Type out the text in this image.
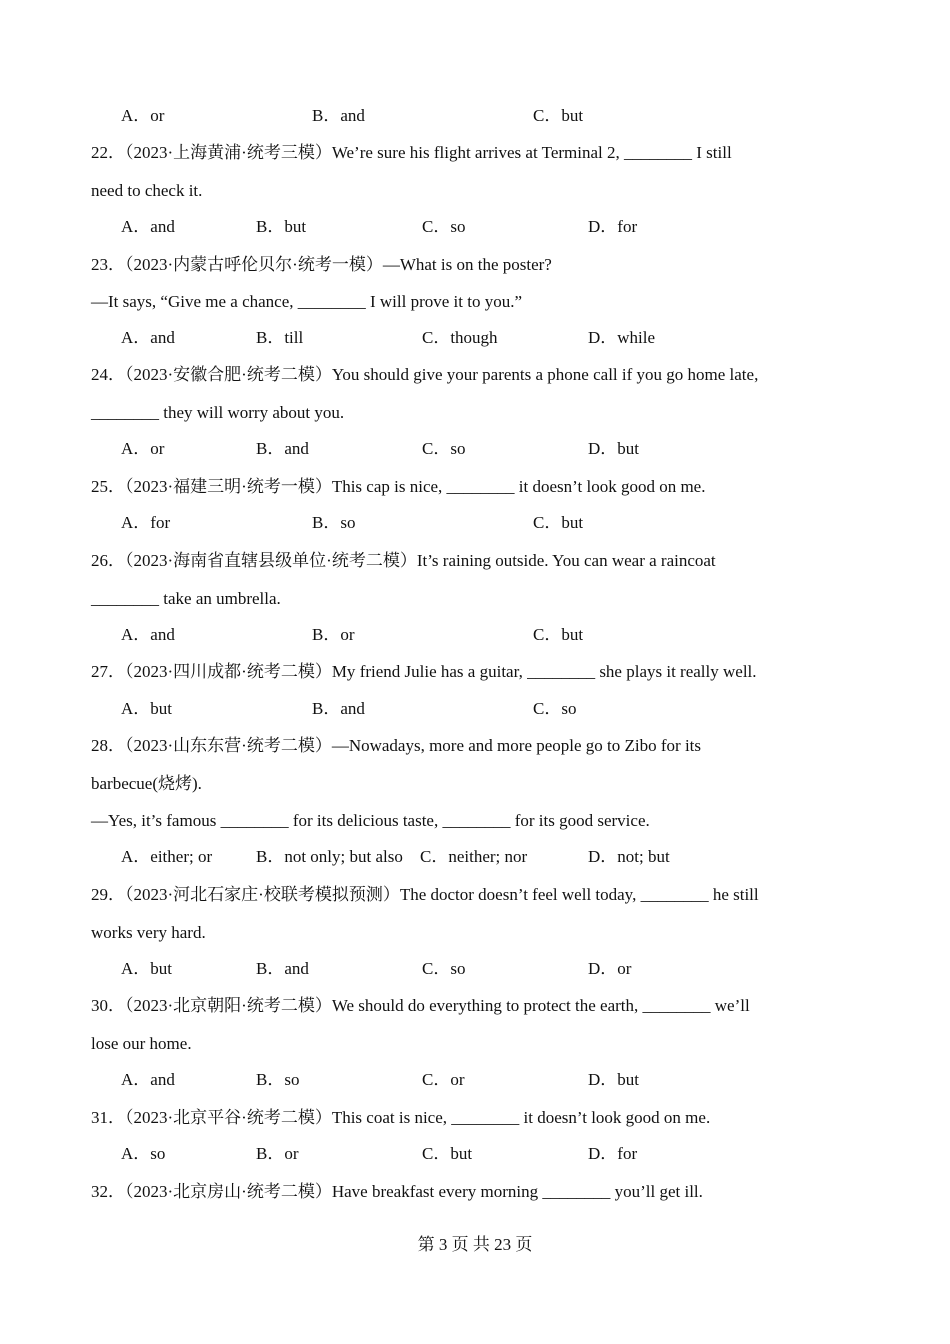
A．or	B．and	C．but
22．（2023·上海黄浦·统考三模）We’re sure his flight arrives at Terminal 2, ________ I still
need to check it.
A．and	B．but	C．so	D．for
23．（2023·内蒙古呼伦贝尔·统考一模）—What is on the poster?
—It says, “Give me a chance, ________ I will prove it to you.”
A．and	B．till	C．though	D．while
24．（2023·安徽合肥·统考二模）You should give your parents a phone call if you go home late,
________ they will worry about you.
A．or	B．and	C．so	D．but
25．（2023·福建三明·统考一模）This cap is nice, ________ it doesn’t look good on me.
A．for	B．so	C．but
26．（2023·海南省直辖县级单位·统考二模）It’s raining outside. You can wear a raincoat
________ take an umbrella.
A．and	B．or	C．but
27．（2023·四川成都·统考二模）My friend Julie has a guitar, ________ she plays it really well.
A．but	B．and	C．so
28．（2023·山东东营·统考二模）—Nowadays, more and more people go to Zibo for its
barbecue(烧烤).
—Yes, it’s famous ________ for its delicious taste, ________ for its good service.
A．either; or	B．not only; but also C．neither; nor	D．not; but
29．（2023·河北石家庄·校联考模拟预测）The doctor doesn’t feel well today, ________ he still
works very hard.
A．but	B．and	C．so	D．or
30．（2023·北京朝阳·统考二模）We should do everything to protect the earth, ________ we’ll
lose our home.
A．and	B．so	C．or	D．but
31．（2023·北京平谷·统考二模）This coat is nice, ________ it doesn’t look good on me.
A．so	B．or	C．but	D．for
32．（2023·北京房山·统考二模）Have breakfast every morning ________ you’ll get ill.
第 3 页 共 23 页
